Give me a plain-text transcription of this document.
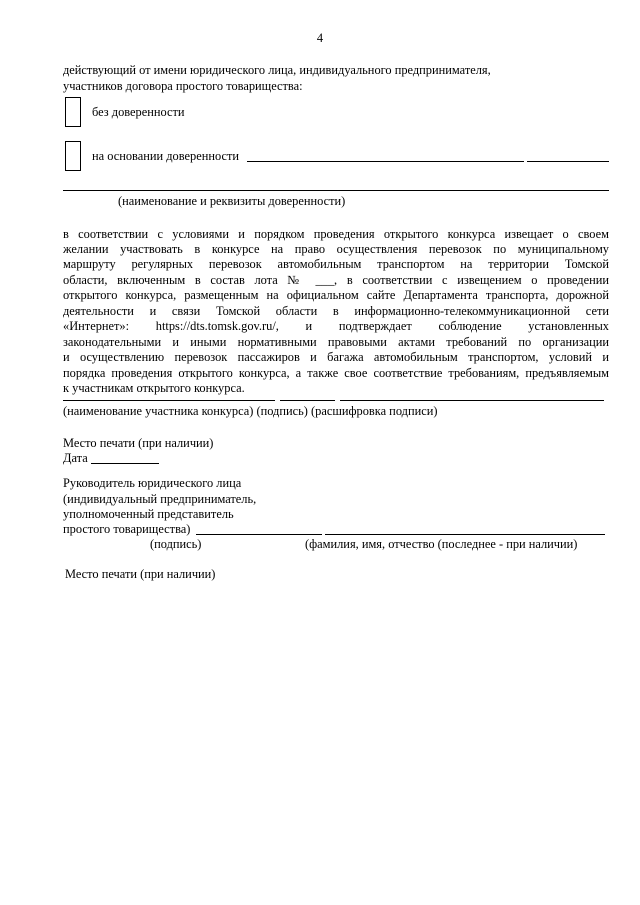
4
действующий от имени юридического лица, индивидуального предпринимателя,
участников договора простого товарищества:
без доверенности
на основании доверенности
(наименование и реквизиты доверенности)
в соответствии с условиями и порядком проведения открытого конкурса извещает о своем
желании участвовать в конкурсе на право осуществления перевозок по муниципальному
маршруту регулярных перевозок автомобильным транспортом на территории Томской
области, включенным в состав лота № ___, в соответствии с извещением о проведении
открытого конкурса, размещенным на официальном сайте Департамента транспорта, дорожной
деятельности и связи Томской области в информационно-телекоммуникационной сети
«Интернет»: https://dts.tomsk.gov.ru/, и подтверждает соблюдение установленных
законодательными и иными нормативными правовыми актами требований по организации
и осуществлению перевозок пассажиров и багажа автомобильным транспортом, условий и
порядка проведения открытого конкурса, а также свое соответствие требованиям, предъявляемым
к участникам открытого конкурса.
(наименование участника конкурса) (подпись) (расшифровка подписи)
Место печати (при наличии)
Дата
Руководитель юридического лица
(индивидуальный предприниматель,
уполномоченный представитель
простого товарищества)
(подпись)	(фамилия, имя, отчество (последнее - при наличии)
Место печати (при наличии)
